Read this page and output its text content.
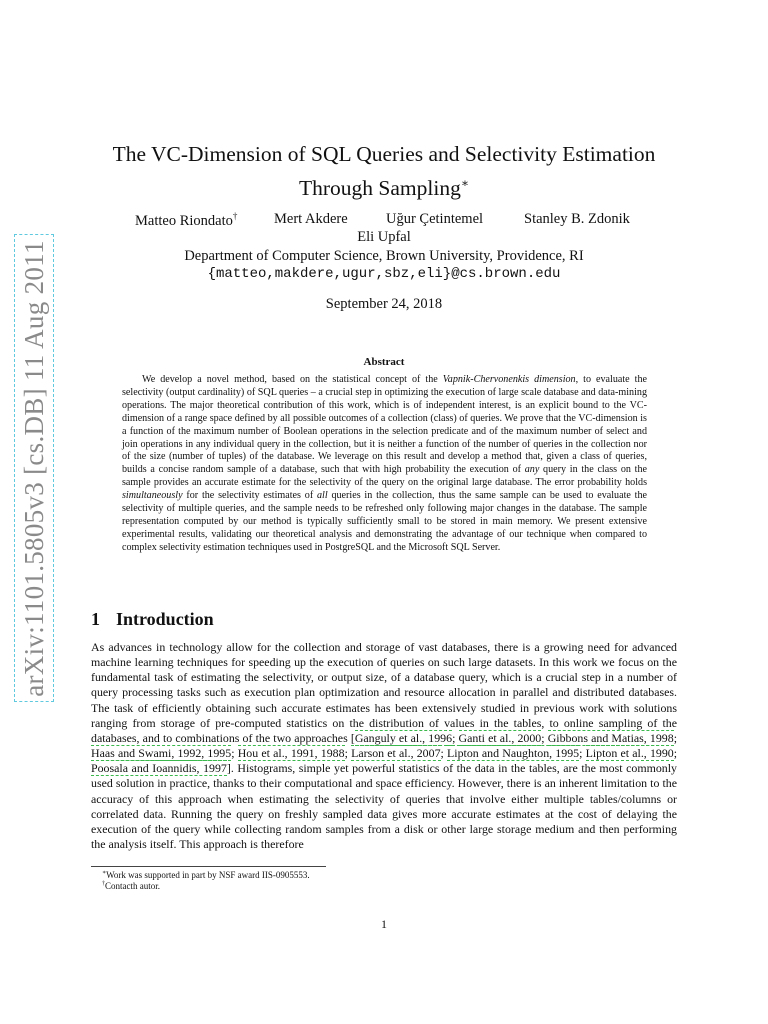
arXiv:1101.5805v3 [cs.DB] 11 Aug 2011
The VC-Dimension of SQL Queries and Selectivity Estimation
Through Sampling∗
Matteo Riondato†	Mert Akdere	Uğur Çetintemel	Stanley B. Zdonik
Eli Upfal
Department of Computer Science, Brown University, Providence, RI
{matteo,makdere,ugur,sbz,eli}@cs.brown.edu
September 24, 2018
Abstract

We develop a novel method, based on the statistical concept of the Vapnik-Chervonenkis dimension, to evaluate the selectivity (output cardinality) of SQL queries – a crucial step in optimizing the execution of large scale database and data-mining operations. The major theoretical contribution of this work, which is of independent interest, is an explicit bound to the VC-dimension of a range space defined by all possible outcomes of a collection (class) of queries. We prove that the VC-dimension is a function of the maximum number of Boolean operations in the selection predicate and of the maximum number of select and join operations in any individual query in the collection, but it is neither a function of the number of queries in the collection nor of the size (number of tuples) of the database. We leverage on this result and develop a method that, given a class of queries, builds a concise random sample of a database, such that with high probability the execution of any query in the class on the sample provides an accurate estimate for the selectivity of the query on the original large database. The error probability holds simultaneously for the selectivity estimates of all queries in the collection, thus the same sample can be used to evaluate the selectivity of multiple queries, and the sample needs to be refreshed only following major changes in the database. The sample representation computed by our method is typically sufficiently small to be stored in main memory. We present extensive experimental results, validating our theoretical analysis and demonstrating the advantage of our technique when compared to complex selectivity estimation techniques used in PostgreSQL and the Microsoft SQL Server.

1 Introduction

As advances in technology allow for the collection and storage of vast databases, there is a growing need for advanced machine learning techniques for speeding up the execution of queries on such large datasets. In this work we focus on the fundamental task of estimating the selectivity, or output size, of a database query, which is a crucial step in a number of query processing tasks such as execution plan optimization and resource allocation in parallel and distributed databases. The task of efficiently obtaining such accurate estimates has been extensively studied in previous work with solutions ranging from storage of pre-computed statistics on the distribution of values in the tables, to online sampling of the databases, and to combinations of the two approaches [Ganguly et al., 1996; Ganti et al., 2000; Gibbons and Matias, 1998; Haas and Swami, 1992, 1995; Hou et al., 1991, 1988; Larson et al., 2007; Lipton and Naughton, 1995; Lipton et al., 1990; Poosala and Ioannidis, 1997]. Histograms, simple yet powerful statistics of the data in the tables, are the most commonly used solution in practice, thanks to their computational and space efficiency. However, there is an inherent limitation to the accuracy of this approach when estimating the selectivity of queries that involve either multiple tables/columns or correlated data. Running the query on freshly sampled data gives more accurate estimates at the cost of delaying the execution of the query while collecting random samples from a disk or other large storage medium and then performing the analysis itself. This approach is therefore

∗Work was supported in part by NSF award IIS-0905553.
†Contacth autor.
1
